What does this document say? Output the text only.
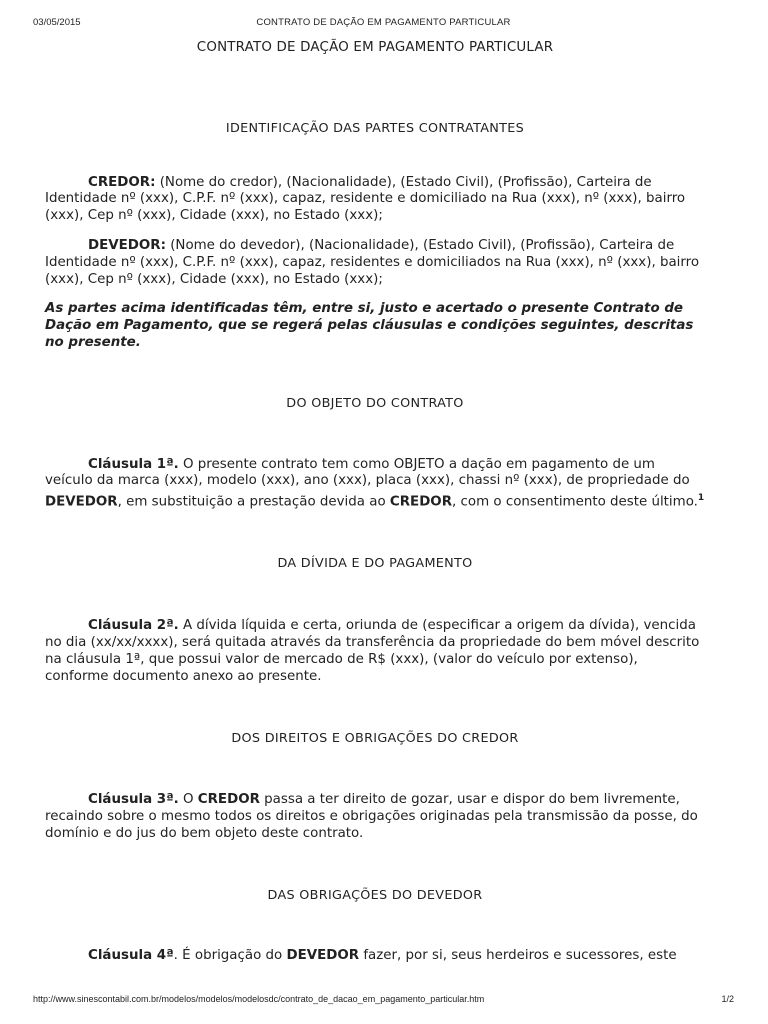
03/05/2015	CONTRATO DE DAÇÃO EM PAGAMENTO PARTICULAR
CONTRATO DE DAÇÃO EM PAGAMENTO PARTICULAR
IDENTIFICAÇÃO DAS PARTES CONTRATANTES

CREDOR: (Nome do credor), (Nacionalidade), (Estado Civil), (Profissão), Carteira de Identidade nº (xxx), C.P.F. nº (xxx), capaz, residente e domiciliado na Rua (xxx), nº (xxx), bairro (xxx), Cep nº (xxx), Cidade (xxx), no Estado (xxx);

DEVEDOR: (Nome do devedor), (Nacionalidade), (Estado Civil), (Profissão), Carteira de Identidade nº (xxx), C.P.F. nº (xxx), capaz, residentes e domiciliados na Rua (xxx), nº (xxx), bairro (xxx), Cep nº (xxx), Cidade (xxx), no Estado (xxx);

As partes acima identificadas têm, entre si, justo e acertado o presente Contrato de Dação em Pagamento, que se regerá pelas cláusulas e condições seguintes, descritas no presente.

DO OBJETO DO CONTRATO

Cláusula 1ª. O presente contrato tem como OBJETO a dação em pagamento de um veículo da marca (xxx), modelo (xxx), ano (xxx), placa (xxx), chassi nº (xxx), de propriedade do DEVEDOR, em substituição a prestação devida ao CREDOR, com o consentimento deste último.$^1$

DA DÍVIDA E DO PAGAMENTO

Cláusula 2ª. A dívida líquida e certa, oriunda de (especificar a origem da dívida), vencida no dia (xx/xx/xxxx), será quitada através da transferência da propriedade do bem móvel descrito na cláusula 1ª, que possui valor de mercado de R$ (xxx), (valor do veículo por extenso), conforme documento anexo ao presente.

DOS DIREITOS E OBRIGAÇÕES DO CREDOR

Cláusula 3ª. O CREDOR passa a ter direito de gozar, usar e dispor do bem livremente, recaindo sobre o mesmo todos os direitos e obrigações originadas pela transmissão da posse, do domínio e do jus do bem objeto deste contrato.

DAS OBRIGAÇÕES DO DEVEDOR

Cláusula 4ª. É obrigação do DEVEDOR fazer, por si, seus herdeiros e sucessores, este

http://www.sinescontabil.com.br/modelos/modelos/modelosdc/contrato_de_dacao_em_pagamento_particular.htm	1/2
